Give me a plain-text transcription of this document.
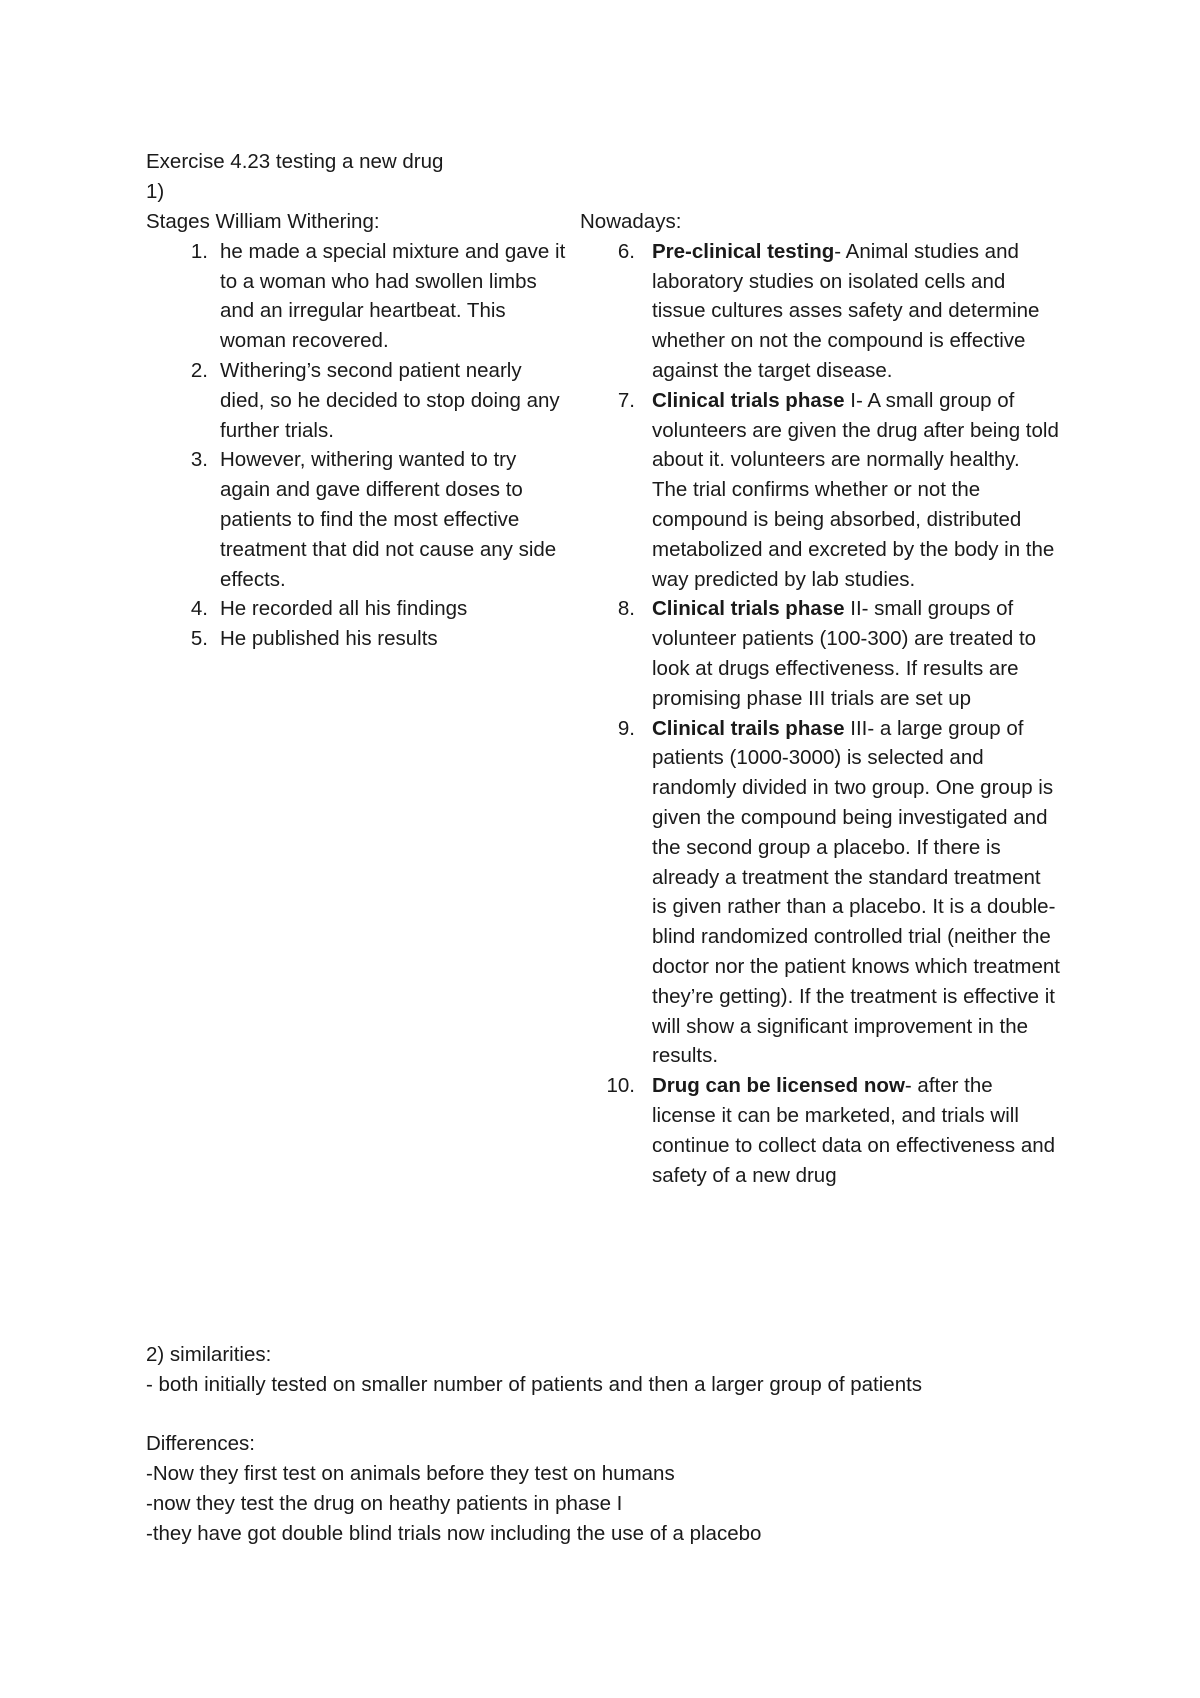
Exercise 4.23 testing a new drug
1)
Stages William Withering:
1. he made a special mixture and gave it to a woman who had swollen limbs and an irregular heartbeat. This woman recovered.
2. Withering’s second patient nearly died, so he decided to stop doing any further trials.
3. However, withering wanted to try again and gave different doses to patients to find the most effective treatment that did not cause any side effects.
4. He recorded all his findings
5. He published his results
Nowadays:
6. Pre-clinical testing- Animal studies and laboratory studies on isolated cells and tissue cultures asses safety and determine whether on not the compound is effective against the target disease.
7. Clinical trials phase I- A small group of volunteers are given the drug after being told about it. volunteers are normally healthy. The trial confirms whether or not the compound is being absorbed, distributed metabolized and excreted by the body in the way predicted by lab studies.
8. Clinical trials phase II- small groups of volunteer patients (100-300) are treated to look at drugs effectiveness. If results are promising phase III trials are set up
9. Clinical trails phase III- a large group of patients (1000-3000) is selected and randomly divided in two group. One group is given the compound being investigated and the second group a placebo. If there is already a treatment the standard treatment is given rather than a placebo. It is a double-blind randomized controlled trial (neither the doctor nor the patient knows which treatment they’re getting). If the treatment is effective it will show a significant improvement in the results.
10. Drug can be licensed now- after the license it can be marketed, and trials will continue to collect data on effectiveness and safety of a new drug
2) similarities:
- both initially tested on smaller number of patients and then a larger group of patients
Differences:
-Now they first test on animals before they test on humans
-now they test the drug on heathy patients in phase I
-they have got double blind trials now including the use of a placebo
